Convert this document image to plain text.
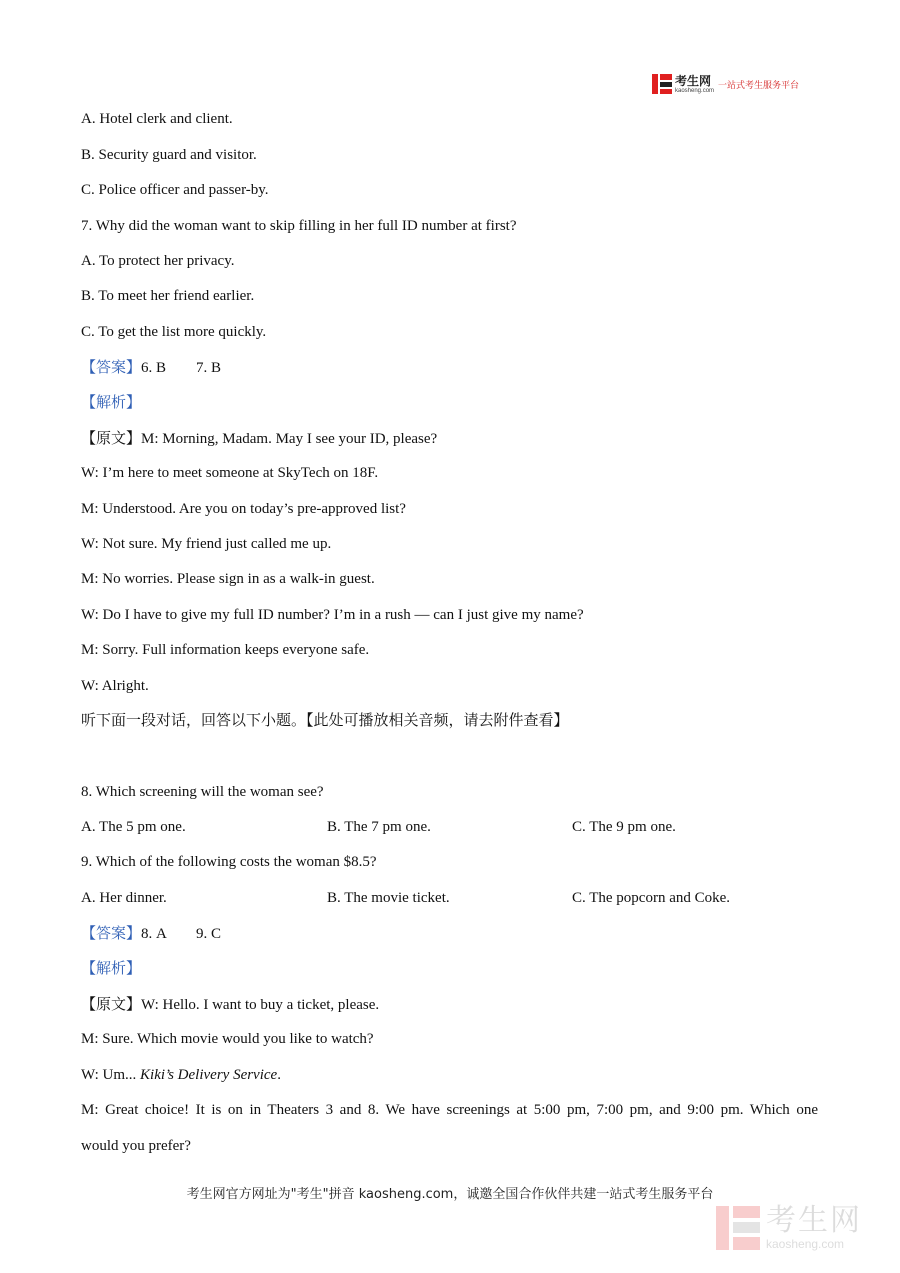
考生网
kaosheng.com 一站式考生服务平台
A. Hotel clerk and client.
B. Security guard and visitor.
C. Police officer and passer-by.
7. Why did the woman want to skip filling in her full ID number at first?
A. To protect her privacy.
B. To meet her friend earlier.
C. To get the list more quickly.
【答案】6. B        7. B
【解析】
【原文】M: Morning, Madam. May I see your ID, please?
W: I’m here to meet someone at SkyTech on 18F.
M: Understood. Are you on today’s pre-approved list?
W: Not sure. My friend just called me up.
M: No worries. Please sign in as a walk-in guest.
W: Do I have to give my full ID number? I’m in a rush — can I just give my name?
M: Sorry. Full information keeps everyone safe.
W: Alright.
听下面一段对话，回答以下小题。【此处可播放相关音频，请去附件查看】
8. Which screening will the woman see?
A. The 5 pm one.	B. The 7 pm one.	C. The 9 pm one.
9. Which of the following costs the woman $8.5?
A. Her dinner.	B. The movie ticket.	C. The popcorn and Coke.
【答案】8. A        9. C
【解析】
【原文】W: Hello. I want to buy a ticket, please.
M: Sure. Which movie would you like to watch?
W: Um... Kiki’s Delivery Service.
M: Great choice! It is on in Theaters 3 and 8. We have screenings at 5:00 pm, 7:00 pm, and 9:00 pm. Which one
would you prefer?
考生网官方网址为"考生"拼音 kaosheng.com，诚邀全国合作伙伴共建一站式考生服务平台
考生网
kaosheng.com
